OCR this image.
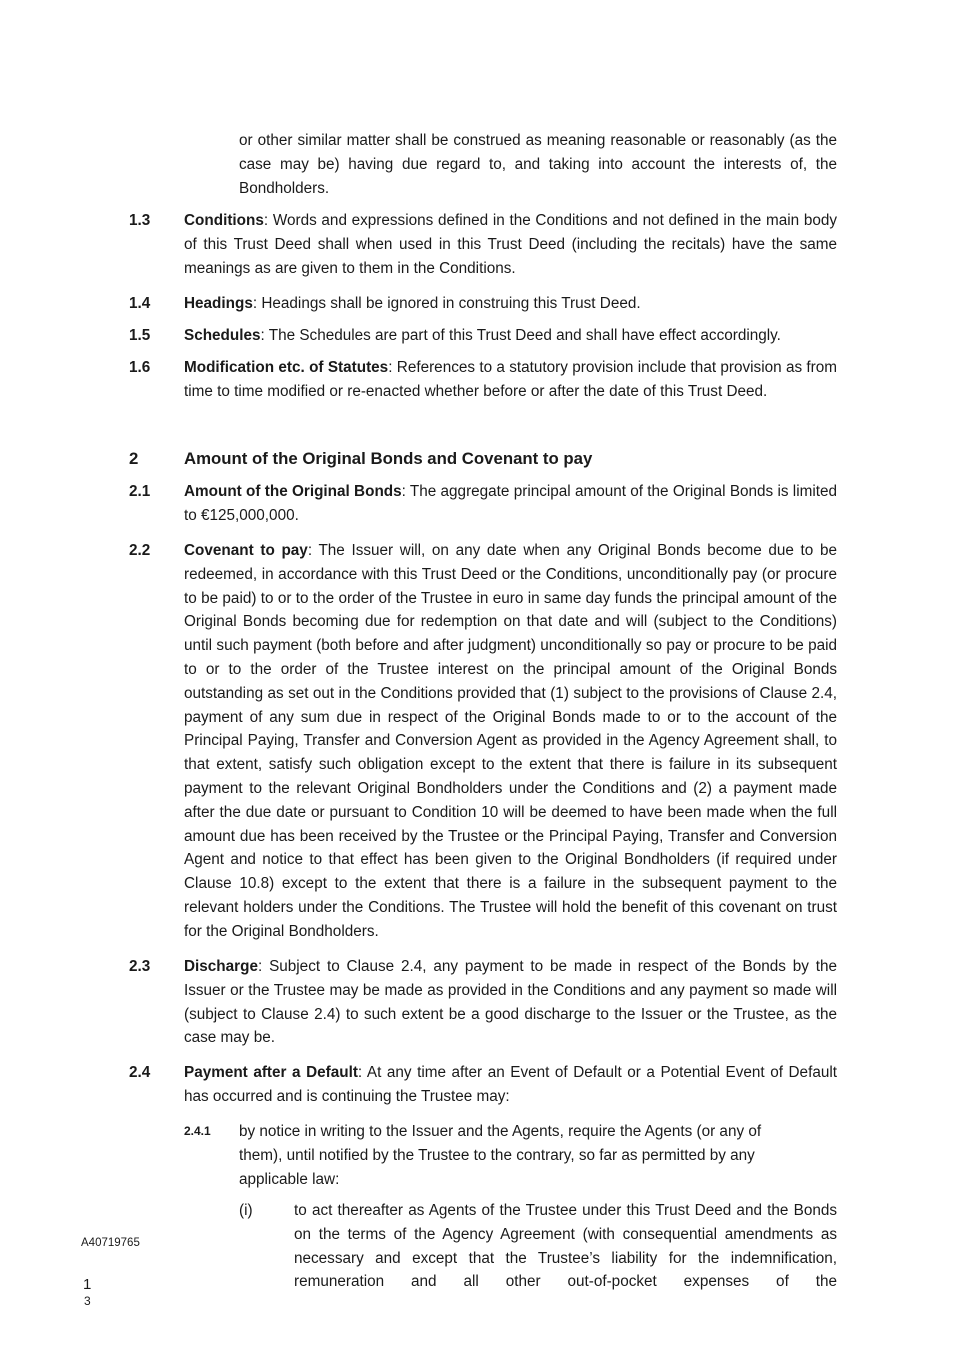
or other similar matter shall be construed as meaning reasonable or reasonably (as the case may be) having due regard to, and taking into account the interests of, the Bondholders.

1.3 Conditions: Words and expressions defined in the Conditions and not defined in the main body of this Trust Deed shall when used in this Trust Deed (including the recitals) have the same meanings as are given to them in the Conditions.

1.4 Headings: Headings shall be ignored in construing this Trust Deed.

1.5 Schedules: The Schedules are part of this Trust Deed and shall have effect accordingly.

1.6 Modification etc. of Statutes: References to a statutory provision include that provision as from time to time modified or re-enacted whether before or after the date of this Trust Deed.

2	Amount of the Original Bonds and Covenant to pay
2.1 Amount of the Original Bonds: The aggregate principal amount of the Original Bonds is limited to €125,000,000.

2.2 Covenant to pay: The Issuer will, on any date when any Original Bonds become due to be redeemed, in accordance with this Trust Deed or the Conditions, unconditionally pay (or procure to be paid) to or to the order of the Trustee in euro in same day funds the principal amount of the Original Bonds becoming due for redemption on that date and will (subject to the Conditions) until such payment (both before and after judgment) unconditionally so pay or procure to be paid to or to the order of the Trustee interest on the principal amount of the Original Bonds outstanding as set out in the Conditions provided that (1) subject to the provisions of Clause 2.4, payment of any sum due in respect of the Original Bonds made to or to the account of the Principal Paying, Transfer and Conversion Agent as provided in the Agency Agreement shall, to that extent, satisfy such obligation except to the extent that there is failure in its subsequent payment to the relevant Original Bondholders under the Conditions and (2) a payment made after the due date or pursuant to Condition 10 will be deemed to have been made when the full amount due has been received by the Trustee or the Principal Paying, Transfer and Conversion Agent and notice to that effect has been given to the Original Bondholders (if required under Clause 10.8) except to the extent that there is a failure in the subsequent payment to the relevant holders under the Conditions. The Trustee will hold the benefit of this covenant on trust for the Original Bondholders.

2.3 Discharge: Subject to Clause 2.4, any payment to be made in respect of the Bonds by the Issuer or the Trustee may be made as provided in the Conditions and any payment so made will (subject to Clause 2.4) to such extent be a good discharge to the Issuer or the Trustee, as the case may be.

2.4 Payment after a Default: At any time after an Event of Default or a Potential Event of Default has occurred and is continuing the Trustee may:

2.4.1 by notice in writing to the Issuer and the Agents, require the Agents (or any of them), until notified by the Trustee to the contrary, so far as permitted by any applicable law:

(i)	to act thereafter as Agents of the Trustee under this Trust Deed and the Bonds on the terms of the Agency Agreement (with consequential amendments as necessary and except that the Trustee’s liability for the indemnification, remuneration and all other out-of-pocket expenses of the

A40719765
1
3
